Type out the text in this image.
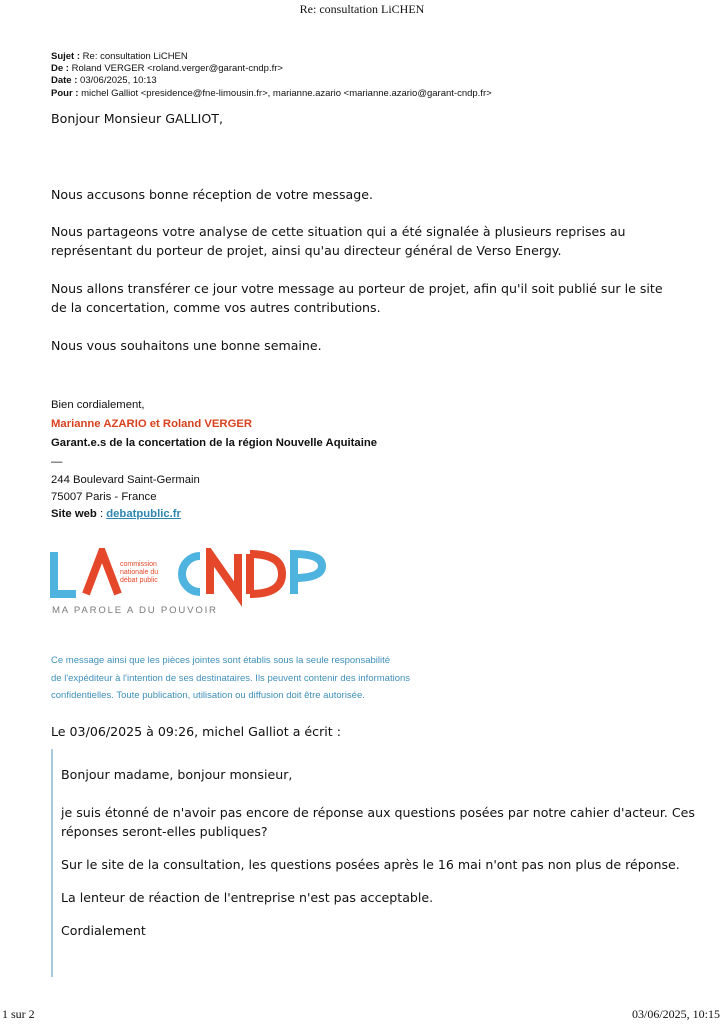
Re: consultation LiCHEN
Sujet : Re: consultation LiCHEN
De : Roland VERGER <roland.verger@garant-cndp.fr>
Date : 03/06/2025, 10:13
Pour : michel Galliot <presidence@fne-limousin.fr>, marianne.azario <marianne.azario@garant-cndp.fr>
Bonjour Monsieur GALLIOT,
Nous accusons bonne réception de votre message.
Nous partageons votre analyse de cette situation qui a été signalée à plusieurs reprises au représentant du porteur de projet, ainsi qu'au directeur général de Verso Energy.
Nous allons transférer ce jour votre message au porteur de projet, afin qu'il soit publié sur le site de la concertation, comme vos autres contributions.
Nous vous souhaitons une bonne semaine.
Bien cordialement,
Marianne AZARIO et Roland VERGER
Garant.e.s de la concertation de la région Nouvelle Aquitaine
—
244 Boulevard Saint-Germain
75007 Paris - France
Site web : debatpublic.fr
commission
nationale du
débat public
MA PAROLE A DU POUVOIR
Ce message ainsi que les pièces jointes sont établis sous la seule responsabilité
de l'expéditeur à l'intention de ses destinataires. Ils peuvent contenir des informations
confidentielles. Toute publication, utilisation ou diffusion doit être autorisée.
Le 03/06/2025 à 09:26, michel Galliot a écrit :

Bonjour madame, bonjour monsieur,

je suis étonné de n'avoir pas encore de réponse aux questions posées par notre cahier d'acteur. Ces réponses seront-elles publiques?

Sur le site de la consultation, les questions posées après le 16 mai n'ont pas non plus de réponse.

La lenteur de réaction de l'entreprise n'est pas acceptable.

Cordialement

1 sur 2	03/06/2025, 10:15
